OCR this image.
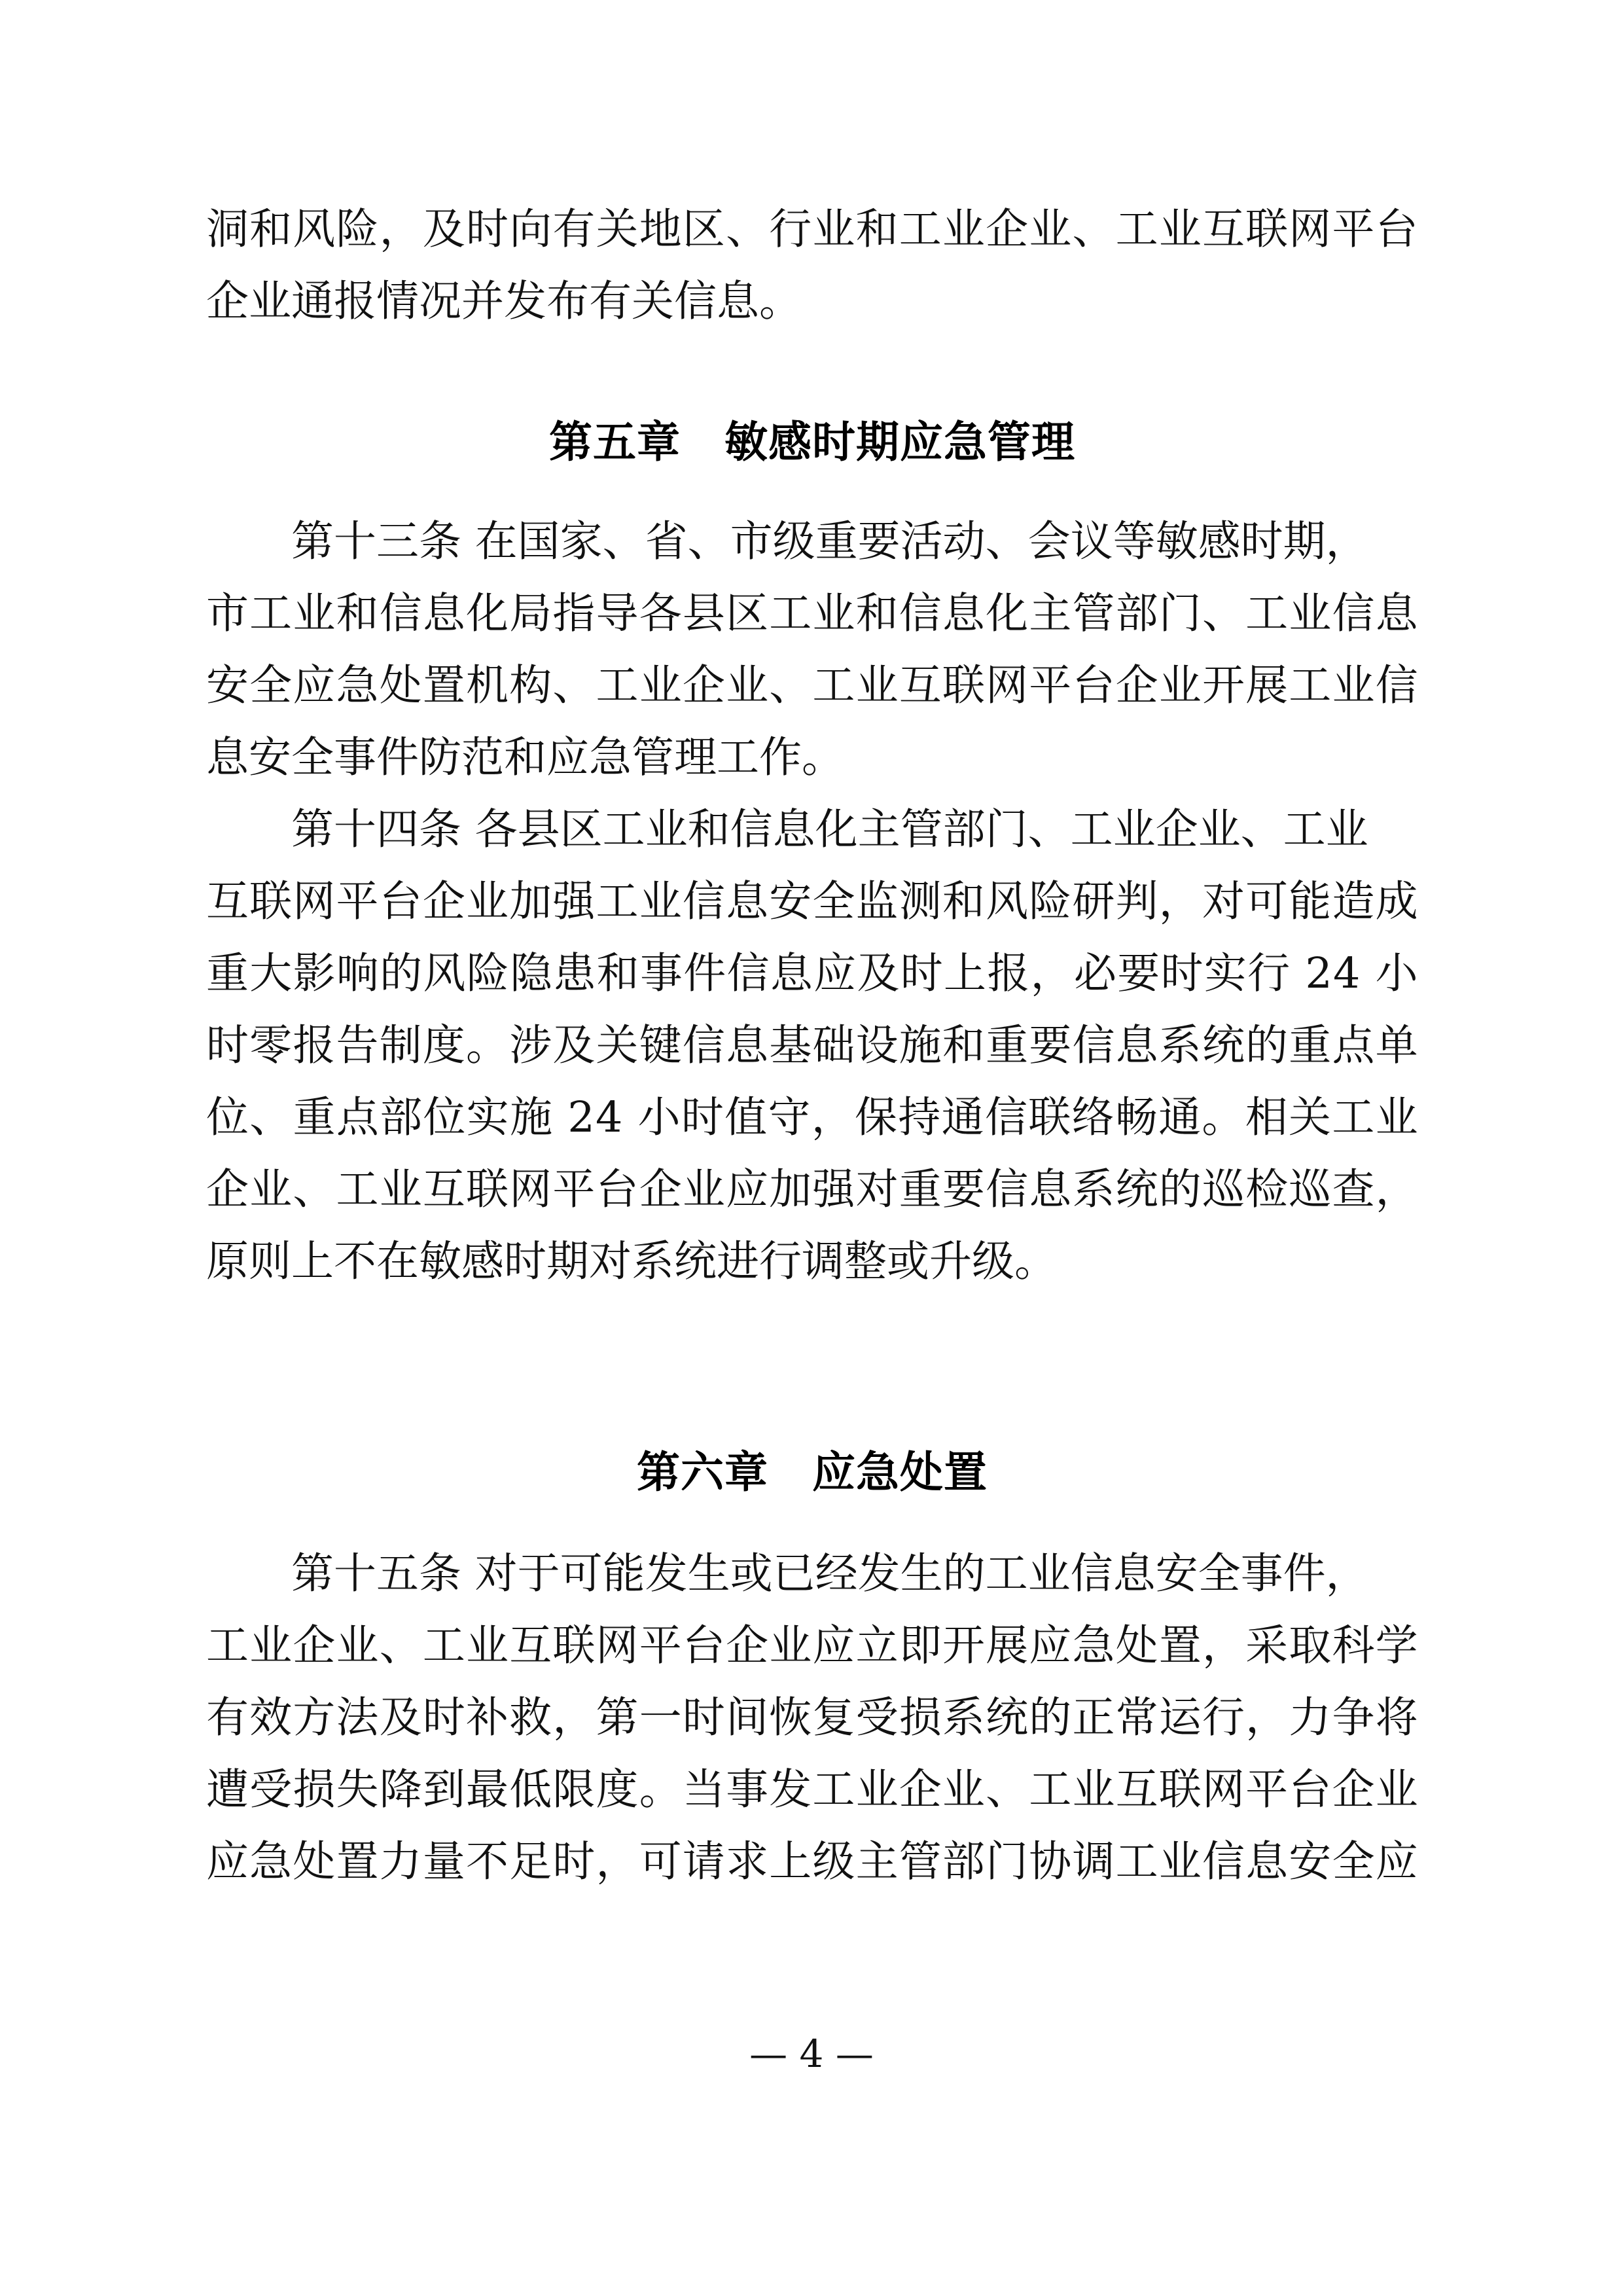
洞 和 风 险 ， 及 时 向 有 关 地 区 、 行 业 和 工 业 企 业 、 工 业 互 联 网 平 台
企业通报情况并发布有关信息。
第五章　敏感时期应急管理
　　第十三条 在国家、省、市级重要活动、会议等敏感时期，
市 工 业 和 信 息 化 局 指 导 各 县 区 工 业 和 信 息 化 主 管 部 门 、 工 业 信 息
安 全 应 急 处 置 机 构 、 工 业 企 业 、 工 业 互 联 网 平 台 企 业 开 展 工 业 信
息安全事件防范和应急管理工作。
　　第十四条 各县区工业和信息化主管部门、工业企业、工业
互 联 网 平 台 企 业 加 强 工 业 信 息 安 全 监 测 和 风 险 研 判 ， 对 可 能 造 成
重 大 影 响 的 风 险 隐 患 和 事 件 信 息 应 及 时 上 报 ， 必 要 时 实 行
2 4
小
时 零 报 告 制 度 。 涉 及 关 键 信 息 基 础 设 施 和 重 要 信 息 系 统 的 重 点 单
位 、 重 点 部 位 实 施
2 4
小 时 值 守 ， 保 持 通 信 联 络 畅 通 。 相 关 工 业
企 业 、 工 业 互 联 网 平 台 企 业 应 加 强 对 重 要 信 息 系 统 的 巡 检 巡 查 ，
原则上不在敏感时期对系统进行调整或升级。
第六章　应急处置
　　第十五条 对于可能发生或已经发生的工业信息安全事件，
工 业 企 业 、 工 业 互 联 网 平 台 企 业 应 立 即 开 展 应 急 处 置 ， 采 取 科 学
有 效 方 法 及 时 补 救 ， 第 一 时 间 恢 复 受 损 系 统 的 正 常 运 行 ， 力 争 将
遭 受 损 失 降 到 最 低 限 度 。 当 事 发 工 业 企 业 、 工 业 互 联 网 平 台 企 业
应 急 处 置 力 量 不 足 时 ， 可 请 求 上 级 主 管 部 门 协 调 工 业 信 息 安 全 应
— 4 —
